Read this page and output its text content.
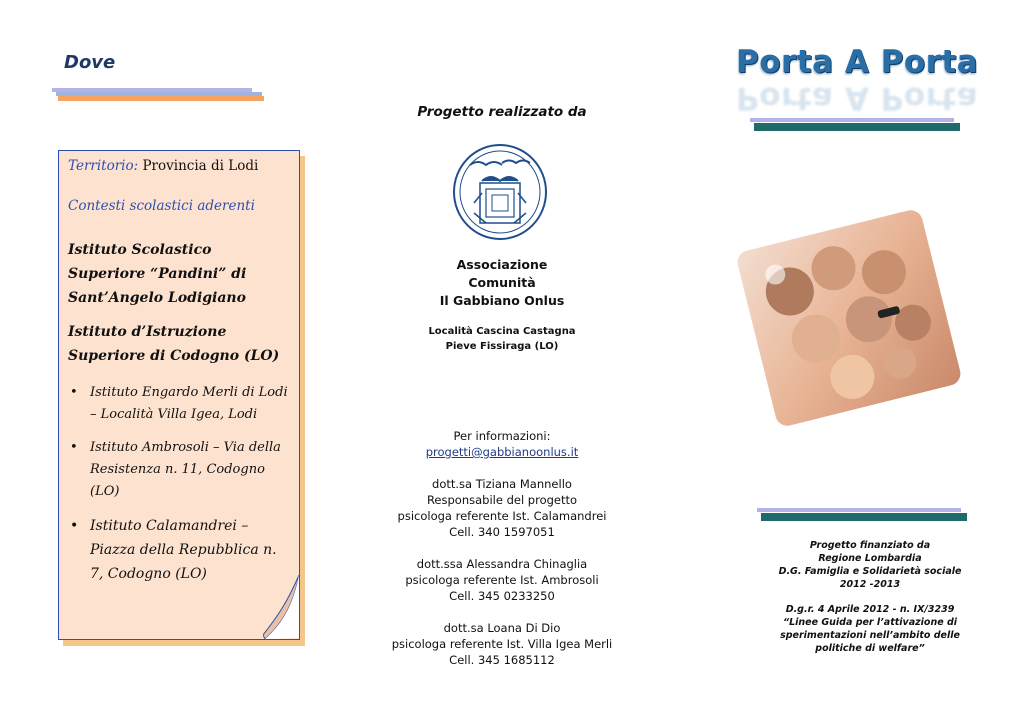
Dove

Territorio: Provincia di Lodi

Contesti scolastici aderenti

Istituto Scolastico Superiore “Pandini” di Sant’Angelo Lodigiano

Istituto d’Istruzione Superiore di Codogno (LO)

• Istituto Engardo Merli di Lodi – Località Villa Igea, Lodi
• Istituto Ambrosoli – Via della Resistenza n. 11, Codogno (LO)
• Istituto Calamandrei – Piazza della Repubblica n. 7, Codogno (LO)
Progetto realizzato da
Associazione
Comunità
Il Gabbiano Onlus
Località Cascina Castagna
Pieve Fissiraga (LO)

Per informazioni:
progetti@gabbianoonlus.it

dott.sa Tiziana Mannello
Responsabile del progetto
psicologa referente Ist. Calamandrei
Cell. 340 1597051

dott.ssa Alessandra Chinaglia
psicologa referente Ist. Ambrosoli
Cell. 345 0233250

dott.sa Loana Di Dio
psicologa referente Ist. Villa Igea Merli
Cell. 345 1685112

Porta A Porta
Porta A Porta
Progetto finanziato da
Regione Lombardia
D.G. Famiglia e Solidarietà sociale
2012 -2013
D.g.r. 4 Aprile 2012 - n. IX/3239
“Linee Guida per l’attivazione di
sperimentazioni nell’ambito delle
politiche di welfare”
